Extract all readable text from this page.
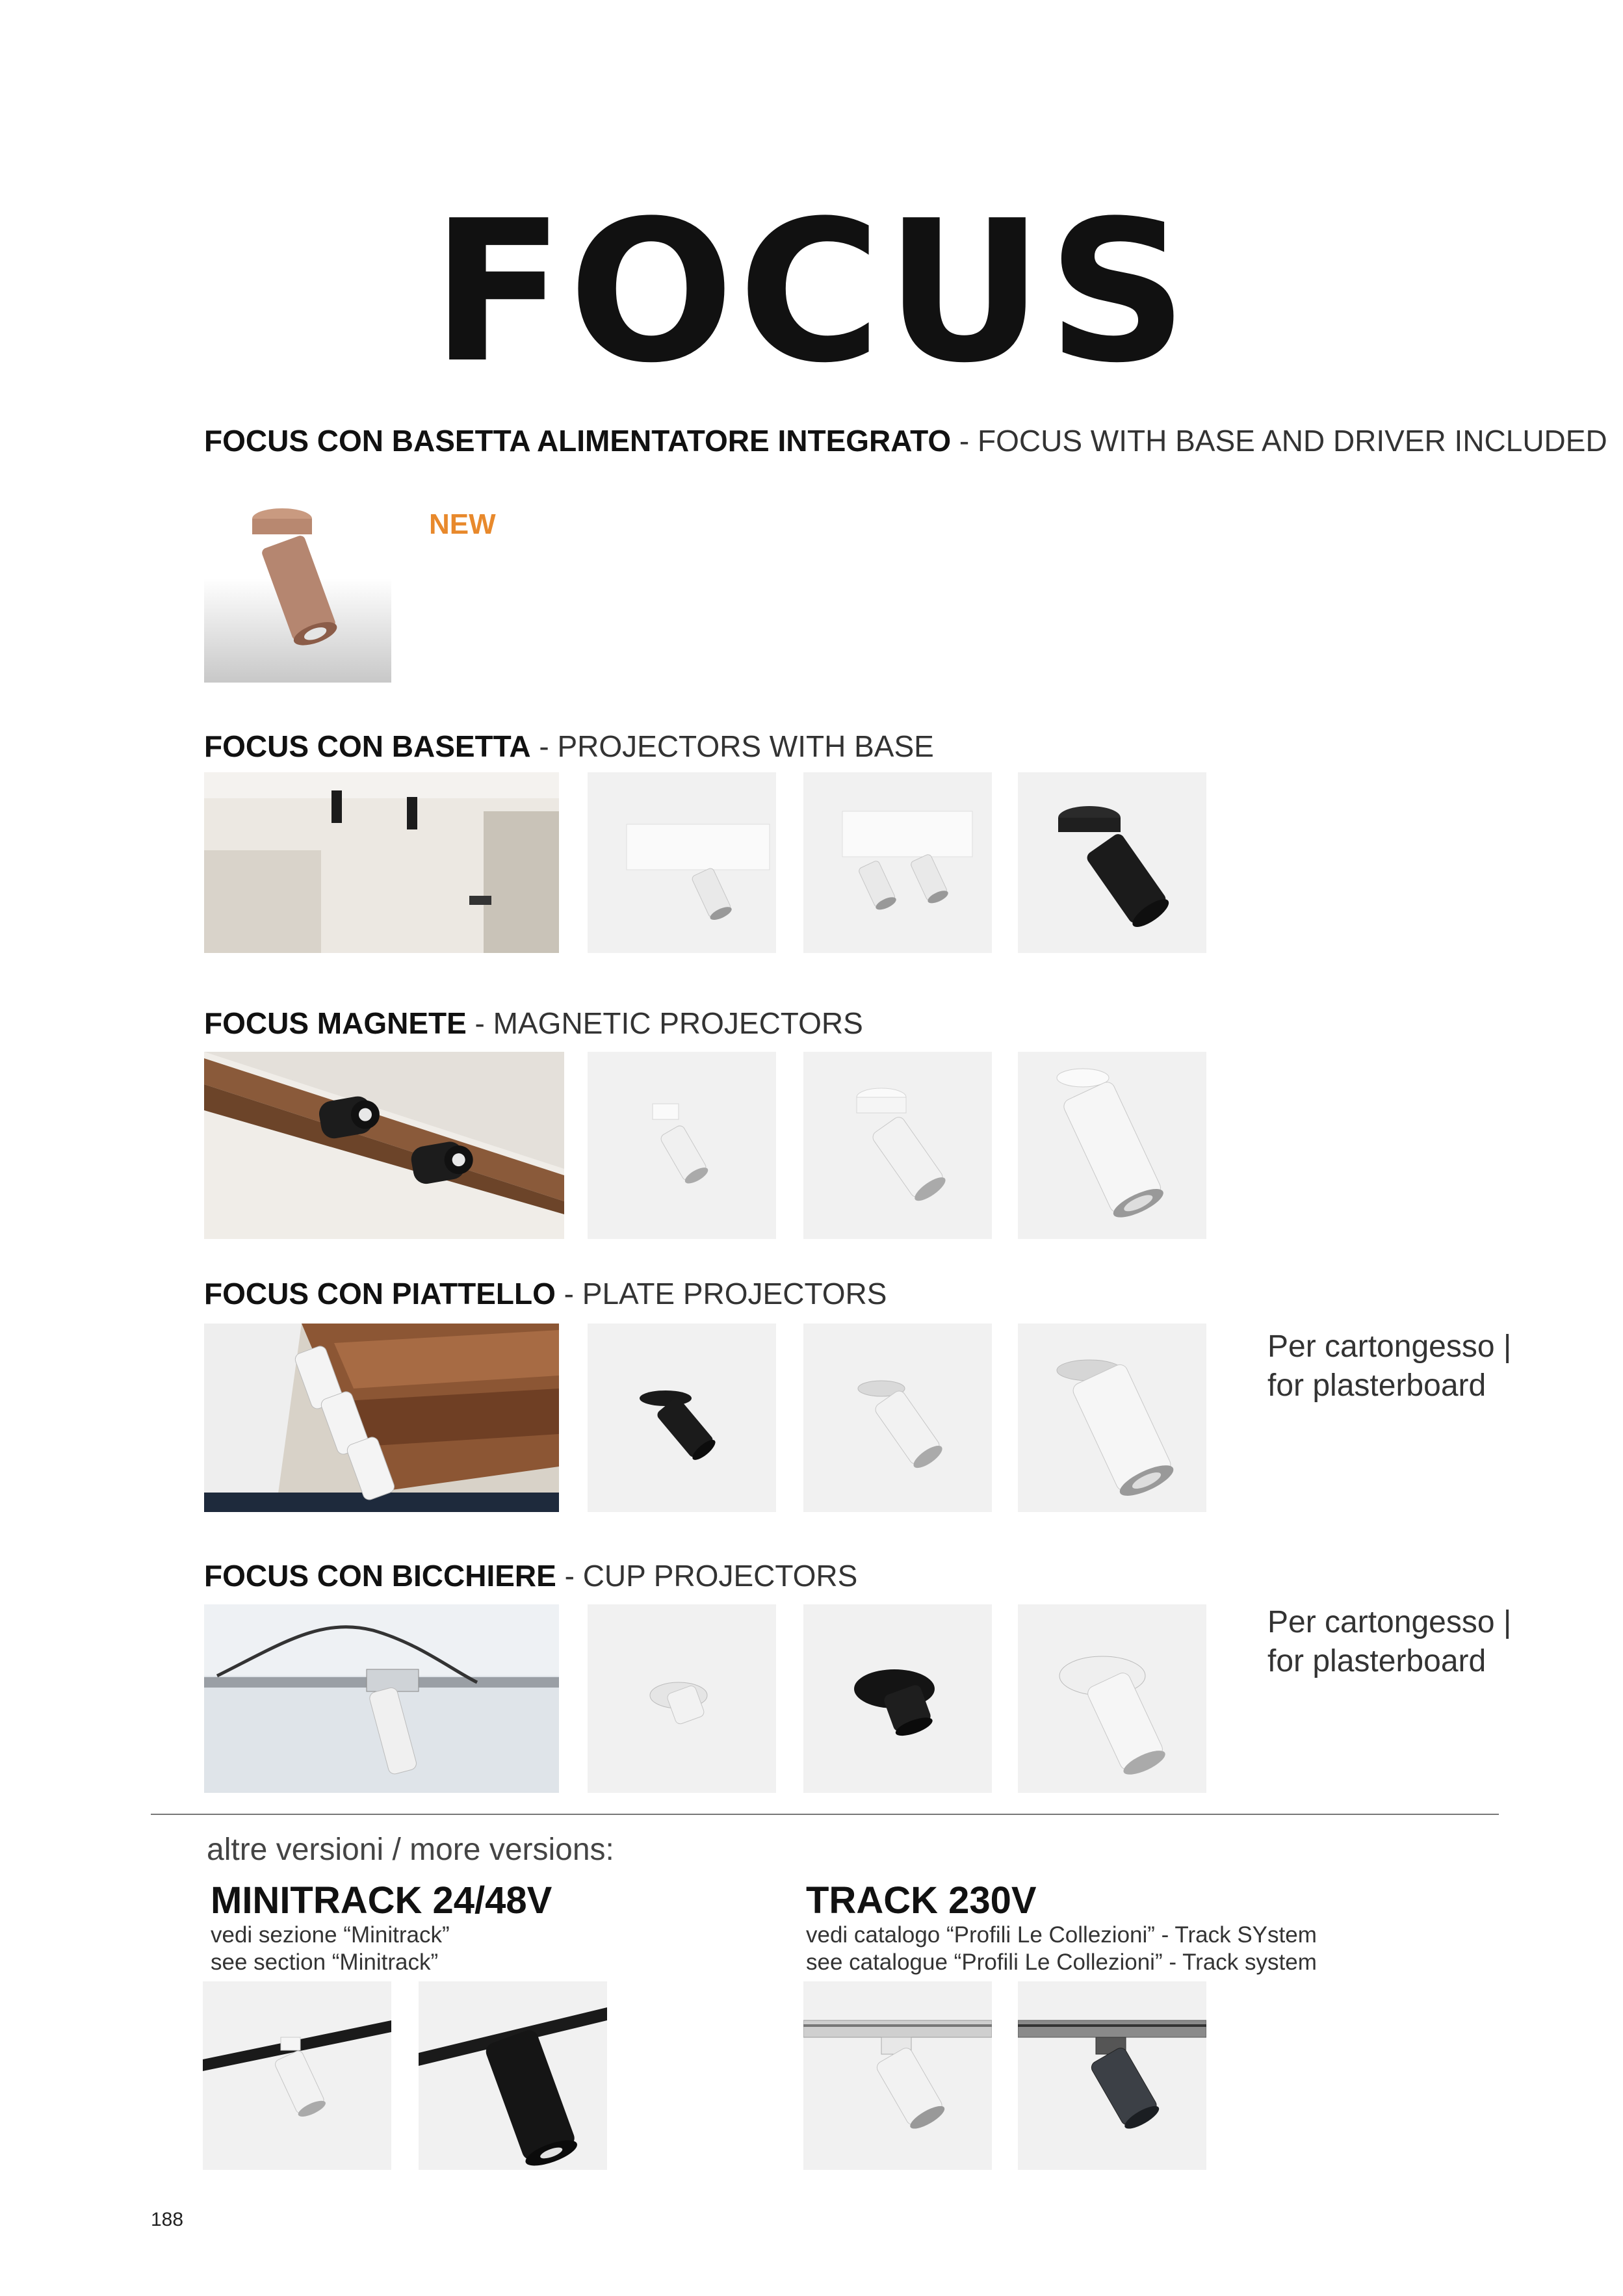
FOCUS
FOCUS CON BASETTA ALIMENTATORE INTEGRATO - FOCUS WITH BASE AND DRIVER INCLUDED
NEW
FOCUS CON BASETTA - PROJECTORS WITH BASE
FOCUS MAGNETE - MAGNETIC PROJECTORS
FOCUS CON PIATTELLO - PLATE PROJECTORS
Per cartongesso |
for plasterboard
FOCUS CON BICCHIERE - CUP PROJECTORS
Per cartongesso |
for plasterboard
altre versioni / more versions:
MINITRACK 24/48V
vedi sezione “Minitrack”
see section “Minitrack”
TRACK 230V
vedi catalogo “Profili Le Collezioni” - Track SYstem
see catalogue “Profili Le Collezioni” - Track system
188
